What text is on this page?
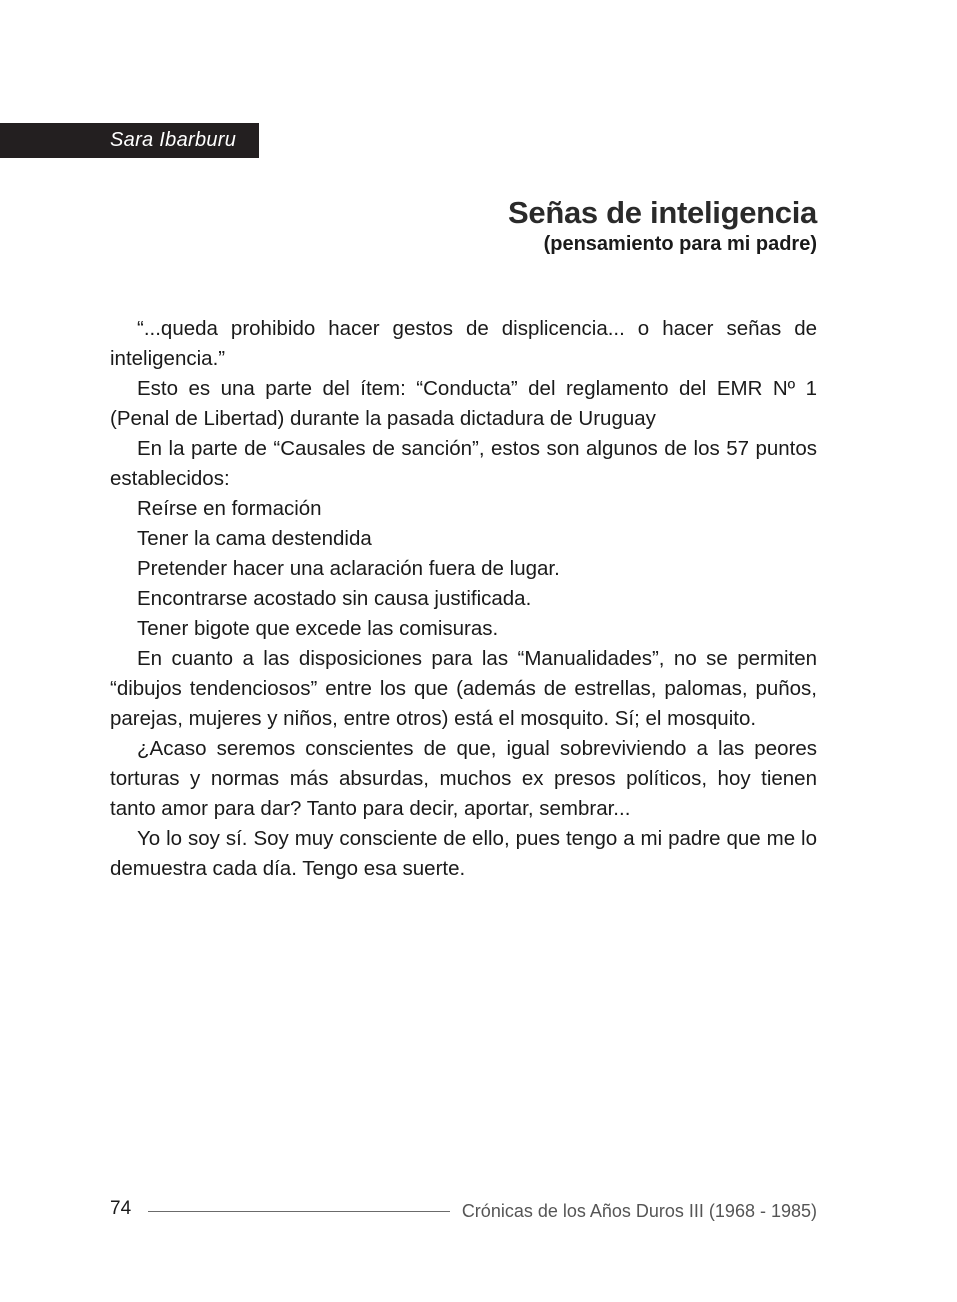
Sara Ibarburu
Señas de inteligencia
(pensamiento para mi padre)

“...queda prohibido hacer gestos de displicencia... o hacer señas de inteligencia.”

Esto es una parte del ítem: “Conducta” del reglamento del EMR Nº 1 (Penal de Libertad) durante la pasada dictadura de Uruguay

En la parte de “Causales de sanción”, estos son algunos de los 57 puntos establecidos:

Reírse en formación

Tener la cama destendida

Pretender hacer una aclaración fuera de lugar.

Encontrarse acostado sin causa justificada.

Tener bigote que excede las comisuras.

En cuanto a las disposiciones para las “Manualidades”, no se permiten “dibujos tendenciosos” entre los que (además de estrellas, palomas, puños, parejas, mujeres y niños, entre otros) está el mosquito. Sí; el mosquito.

¿Acaso seremos conscientes de que, igual sobreviviendo a las peores torturas y normas más absurdas, muchos ex presos políticos, hoy tienen tanto amor para dar? Tanto para decir, aportar, sembrar...

Yo lo soy sí. Soy muy consciente de ello, pues tengo a mi padre que me lo demuestra cada día. Tengo esa suerte.

74	Crónicas de los Años Duros III (1968 - 1985)
